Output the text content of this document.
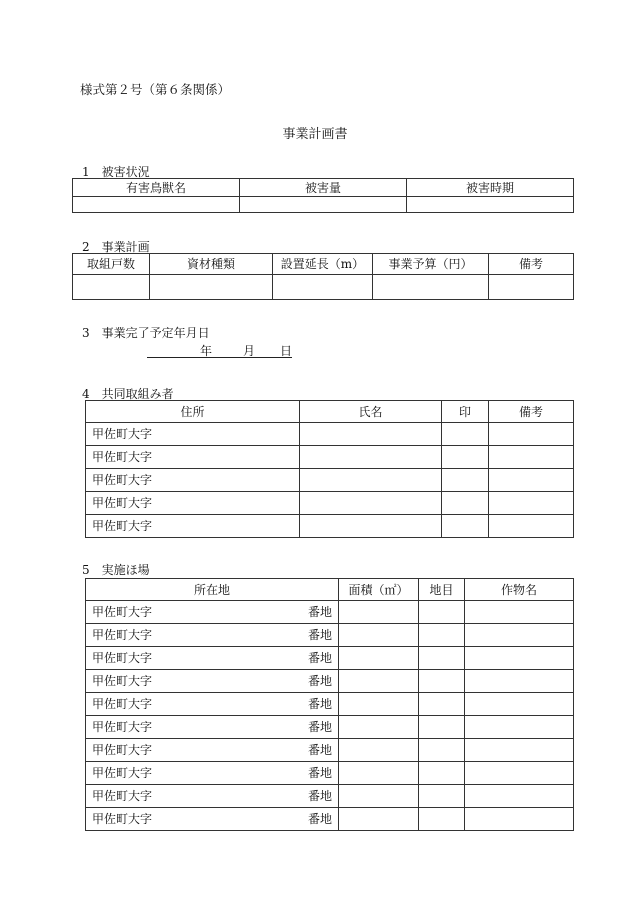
様式第２号（第６条関係）
事業計画書
1　被害状況
有害鳥獣名	被害量	被害時期

2　事業計画
取組戸数	資材種類	設置延長（m）	事業予算（円）	備考

3　事業完了予定年月日
年	月 日
4　共同取組み者
住所	氏名	印	備考
甲佐町大字			
甲佐町大字			
甲佐町大字			
甲佐町大字			
甲佐町大字			
5　実施ほ場
所在地	面積（㎡）	地目	作物名

甲佐町大字 番地			

甲佐町大字 番地			

甲佐町大字 番地			

甲佐町大字 番地			

甲佐町大字 番地			

甲佐町大字 番地			

甲佐町大字 番地			

甲佐町大字 番地			

甲佐町大字 番地			

甲佐町大字 番地			
